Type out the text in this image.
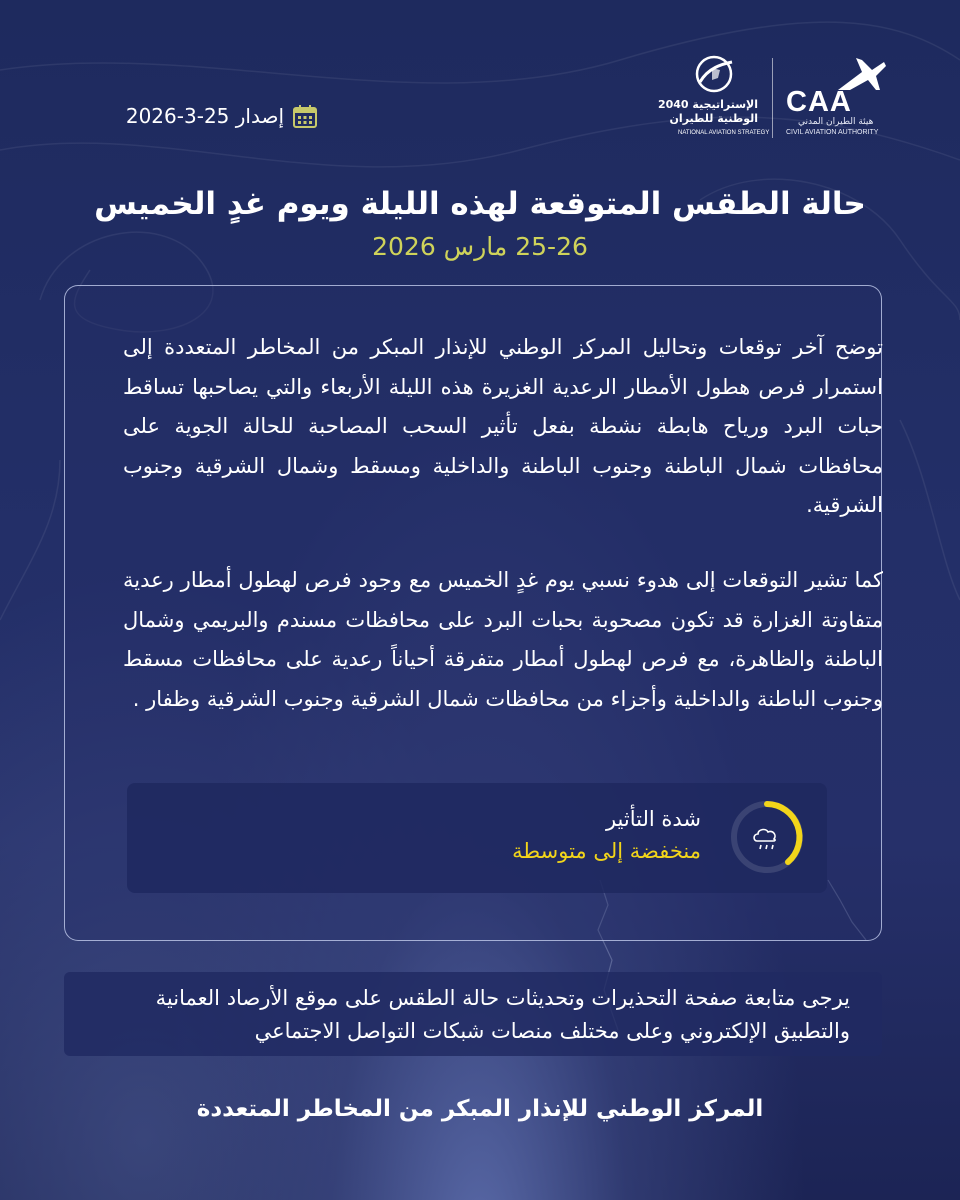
إصدار 25-3-2026	CAA
هيئة الطيران المدني
CIVIL AVIATION AUTHORITY
الإستراتيجية 2040
الوطنية للطيران
NATIONAL AVIATION STRATEGY
حالة الطقس المتوقعة لهذه الليلة ويوم غدٍ الخميس
25-26 مارس 2026
توضح آخر توقعات وتحاليل المركز الوطني للإنذار المبكر من المخاطر المتعددة إلى استمرار فرص هطول الأمطار الرعدية الغزيرة هذه الليلة الأربعاء والتي يصاحبها تساقط حبات البرد ورياح هابطة نشطة بفعل تأثير السحب المصاحبة للحالة الجوية على محافظات شمال الباطنة وجنوب الباطنة والداخلية ومسقط وشمال الشرقية وجنوب الشرقية.
كما تشير التوقعات إلى هدوء نسبي يوم غدٍ الخميس مع وجود فرص لهطول أمطار رعدية متفاوتة الغزارة قد تكون مصحوبة بحبات البرد على محافظات مسندم والبريمي وشمال الباطنة والظاهرة، مع فرص لهطول أمطار متفرقة أحياناً رعدية على محافظات مسقط وجنوب الباطنة والداخلية وأجزاء من محافظات شمال الشرقية وجنوب الشرقية وظفار .
شدة التأثير
منخفضة إلى متوسطة
يرجى متابعة صفحة التحذيرات وتحديثات حالة الطقس على موقع الأرصاد العمانية والتطبيق الإلكتروني وعلى مختلف منصات شبكات التواصل الاجتماعي
المركز الوطني للإنذار المبكر من المخاطر المتعددة
